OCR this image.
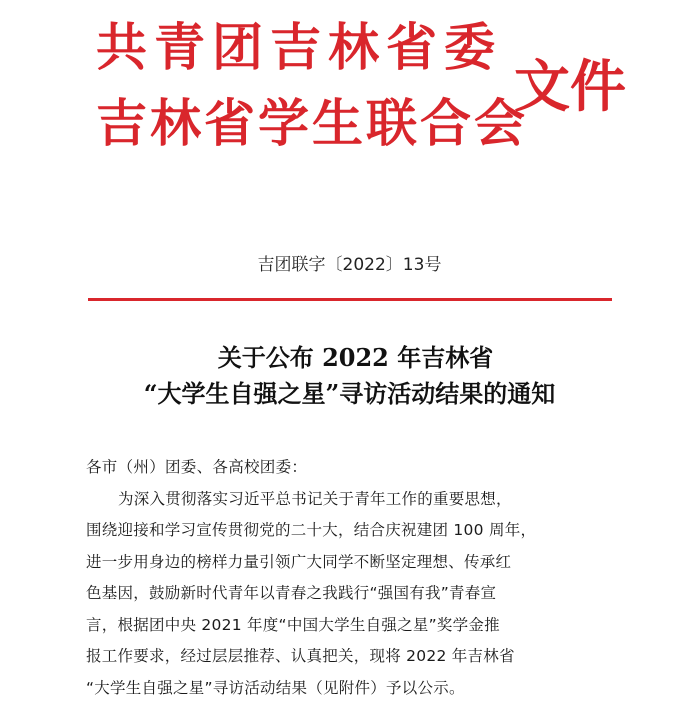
共青团吉林省委
吉林省学生联合会
文件
吉团联字〔2022〕13号
关于公布 2022 年吉林省
“大学生自强之星”寻访活动结果的通知
各市（州）团委、各高校团委：
为深入贯彻落实习近平总书记关于青年工作的重要思想，
围绕迎接和学习宣传贯彻党的二十大，结合庆祝建团 100 周年，
进一步用身边的榜样力量引领广大同学不断坚定理想、传承红
色基因，鼓励新时代青年以青春之我践行“强国有我”青春宣
言，根据团中央 2021 年度“中国大学生自强之星”奖学金推
报工作要求，经过层层推荐、认真把关，现将 2022 年吉林省
“大学生自强之星”寻访活动结果（见附件）予以公示。
